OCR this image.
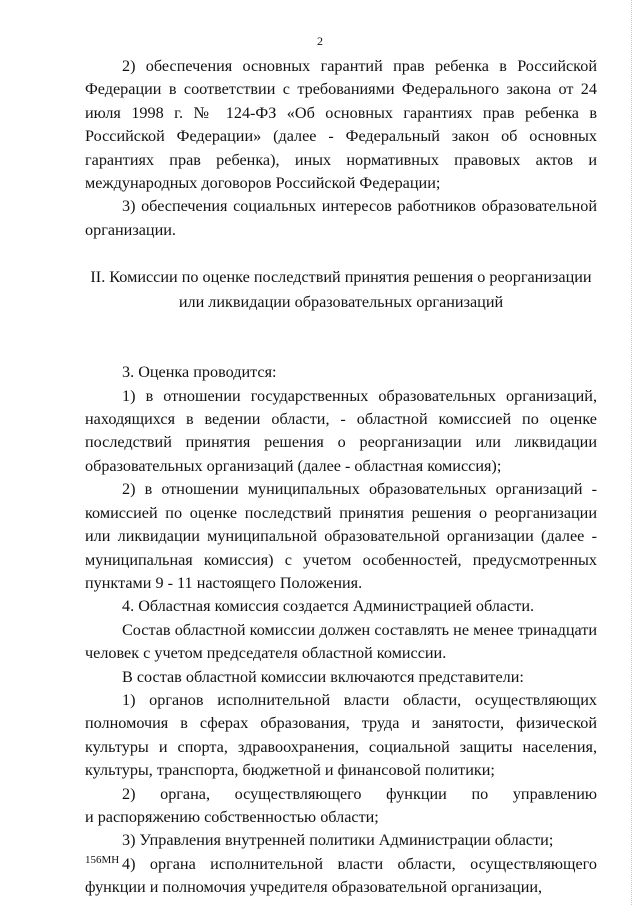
2

2) обеспечения основных гарантий прав ребенка в Российской Федерации в соответствии с требованиями Федерального закона от 24 июля 1998 г. № 124-ФЗ «Об основных гарантиях прав ребенка в Российской Федерации» (далее - Федеральный закон об основных гарантиях прав ребенка), иных нормативных правовых актов и международных договоров Российской Федерации;

3) обеспечения социальных интересов работников образовательной организации.

II. Комиссии по оценке последствий принятия решения о реорганизации или ликвидации образовательных организаций

3. Оценка проводится:

1) в отношении государственных образовательных организаций, находящихся в ведении области, - областной комиссией по оценке последствий принятия решения о реорганизации или ликвидации образовательных организаций (далее - областная комиссия);

2) в отношении муниципальных образовательных организаций - комиссией по оценке последствий принятия решения о реорганизации или ликвидации муниципальной образовательной организации (далее - муниципальная комиссия) с учетом особенностей, предусмотренных пунктами 9 - 11 настоящего Положения.

4. Областная комиссия создается Администрацией области.

Состав областной комиссии должен составлять не менее тринадцати человек с учетом председателя областной комиссии.

В состав областной комиссии включаются представители:

1) органов исполнительной власти области, осуществляющих полномочия в сферах образования, труда и занятости, физической культуры и спорта, здравоохранения, социальной защиты населения, культуры, транспорта, бюджетной и финансовой политики;

2) органа, осуществляющего функции по управлению

и распоряжению собственностью области;

3) Управления внутренней политики Администрации области;

4) органа исполнительной власти области, осуществляющего функции и полномочия учредителя образовательной организации,

156МН
